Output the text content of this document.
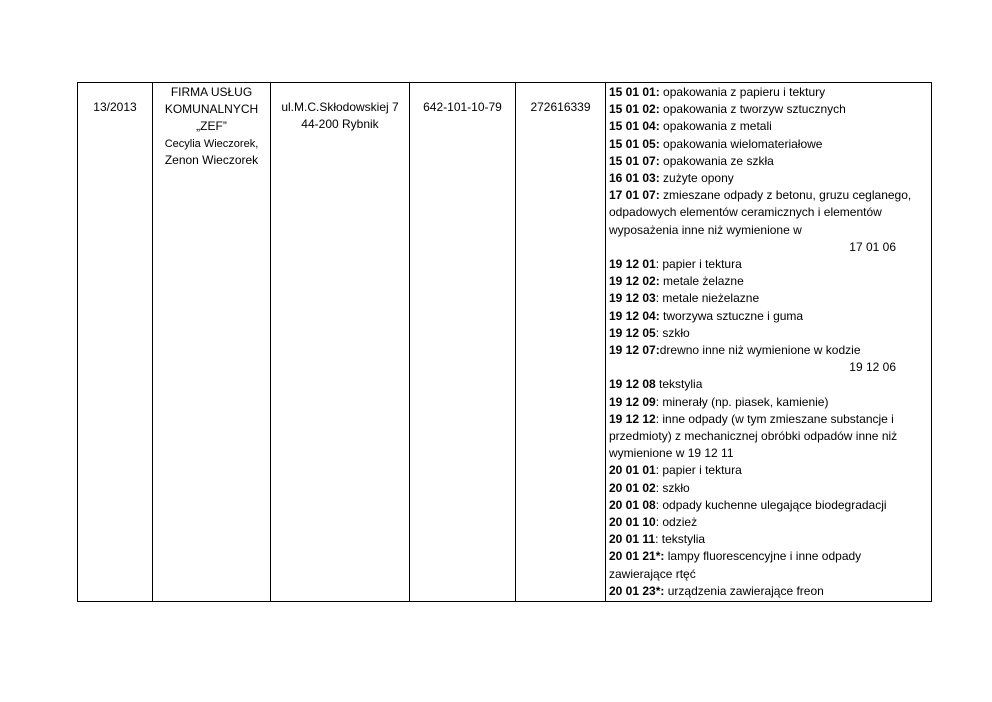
13/2013

FIRMA USŁUG
KOMUNALNYCH
„ZEF”
Cecylia Wieczorek,
Zenon Wieczorek

ul.M.C.Skłodowskiej 7
44-200 Rybnik

642-101-10-79	272616339

15 01 01: opakowania z papieru i tektury
15 01 02: opakowania z tworzyw sztucznych
15 01 04: opakowania z metali
15 01 05: opakowania wielomateriałowe
15 01 07: opakowania ze szkła
16 01 03: zużyte opony
17 01 07: zmieszane odpady z betonu, gruzu ceglanego, odpadowych elementów ceramicznych i elementów wyposażenia inne niż wymienione w
17 01 06
19 12 01: papier i tektura
19 12 02: metale żelazne
19 12 03: metale nieżelazne
19 12 04: tworzywa sztuczne i guma
19 12 05: szkło
19 12 07:drewno inne niż wymienione w kodzie
19 12 06
19 12 08 tekstylia
19 12 09: minerały (np. piasek, kamienie)
19 12 12: inne odpady (w tym zmieszane substancje i przedmioty) z mechanicznej obróbki odpadów inne niż wymienione w 19 12 11
20 01 01: papier i tektura
20 01 02: szkło
20 01 08: odpady kuchenne ulegające biodegradacji
20 01 10: odzież
20 01 11: tekstylia
20 01 21*: lampy fluorescencyjne i inne odpady zawierające rtęć
20 01 23*: urządzenia zawierające freon
